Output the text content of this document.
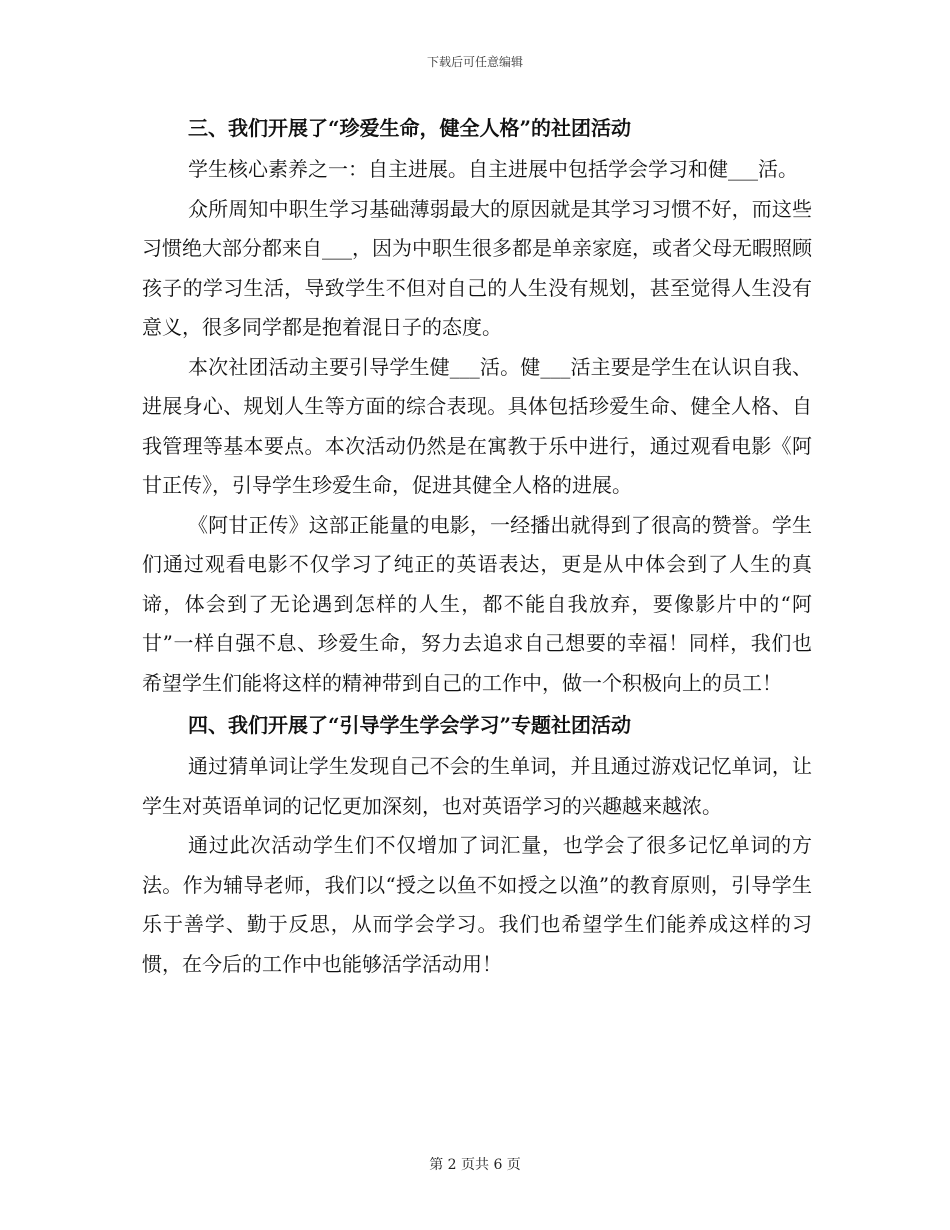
下载后可任意编辑
三、我们开展了“珍爱生命，健全人格”的社团活动

学生核心素养之一：自主进展。自主进展中包括学会学习和健___活。

众所周知中职生学习基础薄弱最大的原因就是其学习习惯不好，而这些习惯绝大部分都来自___，因为中职生很多都是单亲家庭，或者父母无暇照顾孩子的学习生活，导致学生不但对自己的人生没有规划，甚至觉得人生没有意义，很多同学都是抱着混日子的态度。

本次社团活动主要引导学生健___活。健___活主要是学生在认识自我、进展身心、规划人生等方面的综合表现。具体包括珍爱生命、健全人格、自我管理等基本要点。本次活动仍然是在寓教于乐中进行，通过观看电影《阿甘正传》，引导学生珍爱生命，促进其健全人格的进展。

《阿甘正传》这部正能量的电影，一经播出就得到了很高的赞誉。学生们通过观看电影不仅学习了纯正的英语表达，更是从中体会到了人生的真谛，体会到了无论遇到怎样的人生，都不能自我放弃，要像影片中的“阿甘”一样自强不息、珍爱生命，努力去追求自己想要的幸福！同样，我们也希望学生们能将这样的精神带到自己的工作中，做一个积极向上的员工！

四、我们开展了“引导学生学会学习”专题社团活动

通过猜单词让学生发现自己不会的生单词，并且通过游戏记忆单词，让学生对英语单词的记忆更加深刻，也对英语学习的兴趣越来越浓。

通过此次活动学生们不仅增加了词汇量，也学会了很多记忆单词的方法。作为辅导老师，我们以“授之以鱼不如授之以渔”的教育原则，引导学生乐于善学、勤于反思，从而学会学习。我们也希望学生们能养成这样的习惯，在今后的工作中也能够活学活动用！

第 2 页共 6 页
